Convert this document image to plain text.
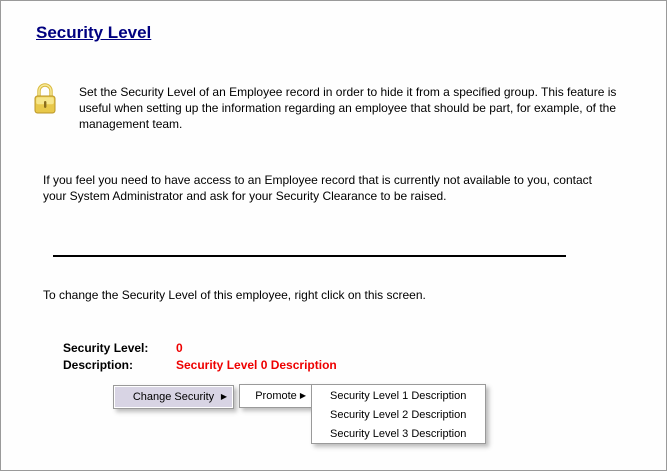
Security Level

Set the Security Level of an Employee record in order to hide it from a specified group. This feature is useful when setting up the information regarding an employee that should be part, for example, of the management team.

If you feel you need to have access to an Employee record that is currently not available to you, contact your System Administrator and ask for your Security Clearance to be raised.

To change the Security Level of this employee, right click on this screen.

Security Level: 0
Description:	Security Level 0 Description
Change Security ▶	Promote ▶	Security Level 1 Description
Security Level 2 Description
Security Level 3 Description
